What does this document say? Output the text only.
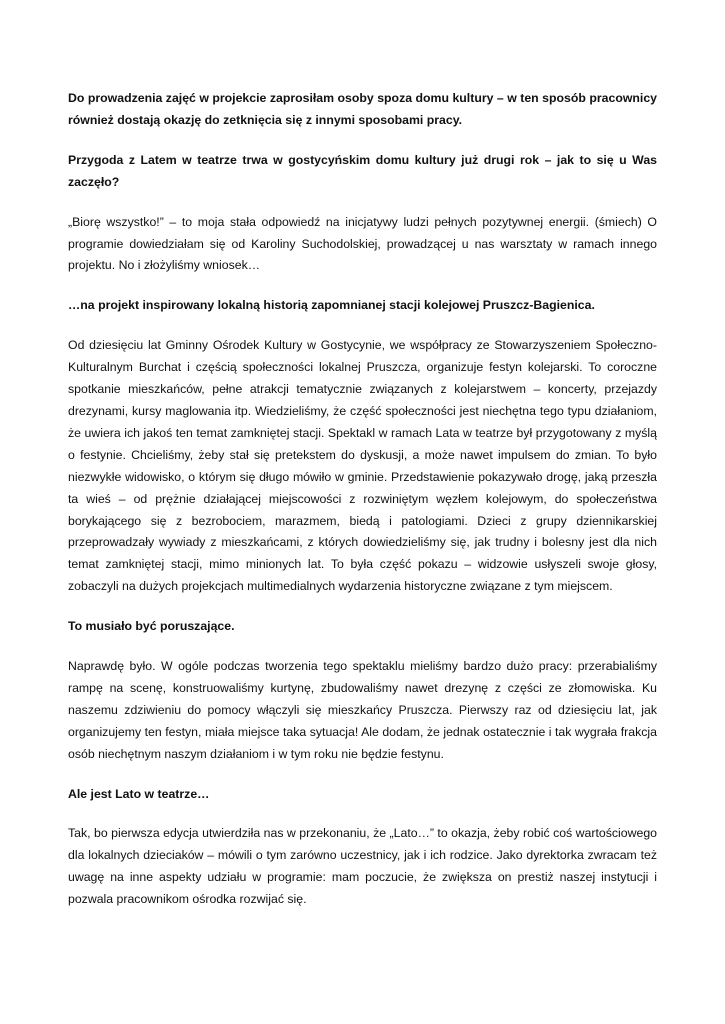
Do prowadzenia zajęć w projekcie zaprosiłam osoby spoza domu kultury – w ten sposób pracownicy również dostają okazję do zetknięcia się z innymi sposobami pracy.

Przygoda z Latem w teatrze trwa w gostycyńskim domu kultury już drugi rok – jak to się u Was zaczęło?

„Biorę wszystko!” – to moja stała odpowiedź na inicjatywy ludzi pełnych pozytywnej energii. (śmiech) O programie dowiedziałam się od Karoliny Suchodolskiej, prowadzącej u nas warsztaty w ramach innego projektu. No i złożyliśmy wniosek…

…na projekt inspirowany lokalną historią zapomnianej stacji kolejowej Pruszcz-Bagienica.

Od dziesięciu lat Gminny Ośrodek Kultury w Gostycynie, we współpracy ze Stowarzyszeniem Społeczno-Kulturalnym Burchat i częścią społeczności lokalnej Pruszcza, organizuje festyn kolejarski. To coroczne spotkanie mieszkańców, pełne atrakcji tematycznie związanych z kolejarstwem – koncerty, przejazdy drezynami, kursy maglowania itp. Wiedzieliśmy, że część społeczności jest niechętna tego typu działaniom, że uwiera ich jakoś ten temat zamkniętej stacji. Spektakl w ramach Lata w teatrze był przygotowany z myślą o festynie. Chcieliśmy, żeby stał się pretekstem do dyskusji, a może nawet impulsem do zmian. To było niezwykłe widowisko, o którym się długo mówiło w gminie. Przedstawienie pokazywało drogę, jaką przeszła ta wieś – od prężnie działającej miejscowości z rozwiniętym węzłem kolejowym, do społeczeństwa borykającego się z bezrobociem, marazmem, biedą i patologiami. Dzieci z grupy dziennikarskiej przeprowadzały wywiady z mieszkańcami, z których dowiedzieliśmy się, jak trudny i bolesny jest dla nich temat zamkniętej stacji, mimo minionych lat. To była część pokazu – widzowie usłyszeli swoje głosy, zobaczyli na dużych projekcjach multimedialnych wydarzenia historyczne związane z tym miejscem.

To musiało być poruszające.

Naprawdę było. W ogóle podczas tworzenia tego spektaklu mieliśmy bardzo dużo pracy: przerabialiśmy rampę na scenę, konstruowaliśmy kurtynę, zbudowaliśmy nawet drezynę z części ze złomowiska. Ku naszemu zdziwieniu do pomocy włączyli się mieszkańcy Pruszcza. Pierwszy raz od dziesięciu lat, jak organizujemy ten festyn, miała miejsce taka sytuacja! Ale dodam, że jednak ostatecznie i tak wygrała frakcja osób niechętnym naszym działaniom i w tym roku nie będzie festynu.

Ale jest Lato w teatrze…

Tak, bo pierwsza edycja utwierdziła nas w przekonaniu, że „Lato…” to okazja, żeby robić coś wartościowego dla lokalnych dzieciaków – mówili o tym zarówno uczestnicy, jak i ich rodzice. Jako dyrektorka zwracam też uwagę na inne aspekty udziału w programie: mam poczucie, że zwiększa on prestiż naszej instytucji i pozwala pracownikom ośrodka rozwijać się.
